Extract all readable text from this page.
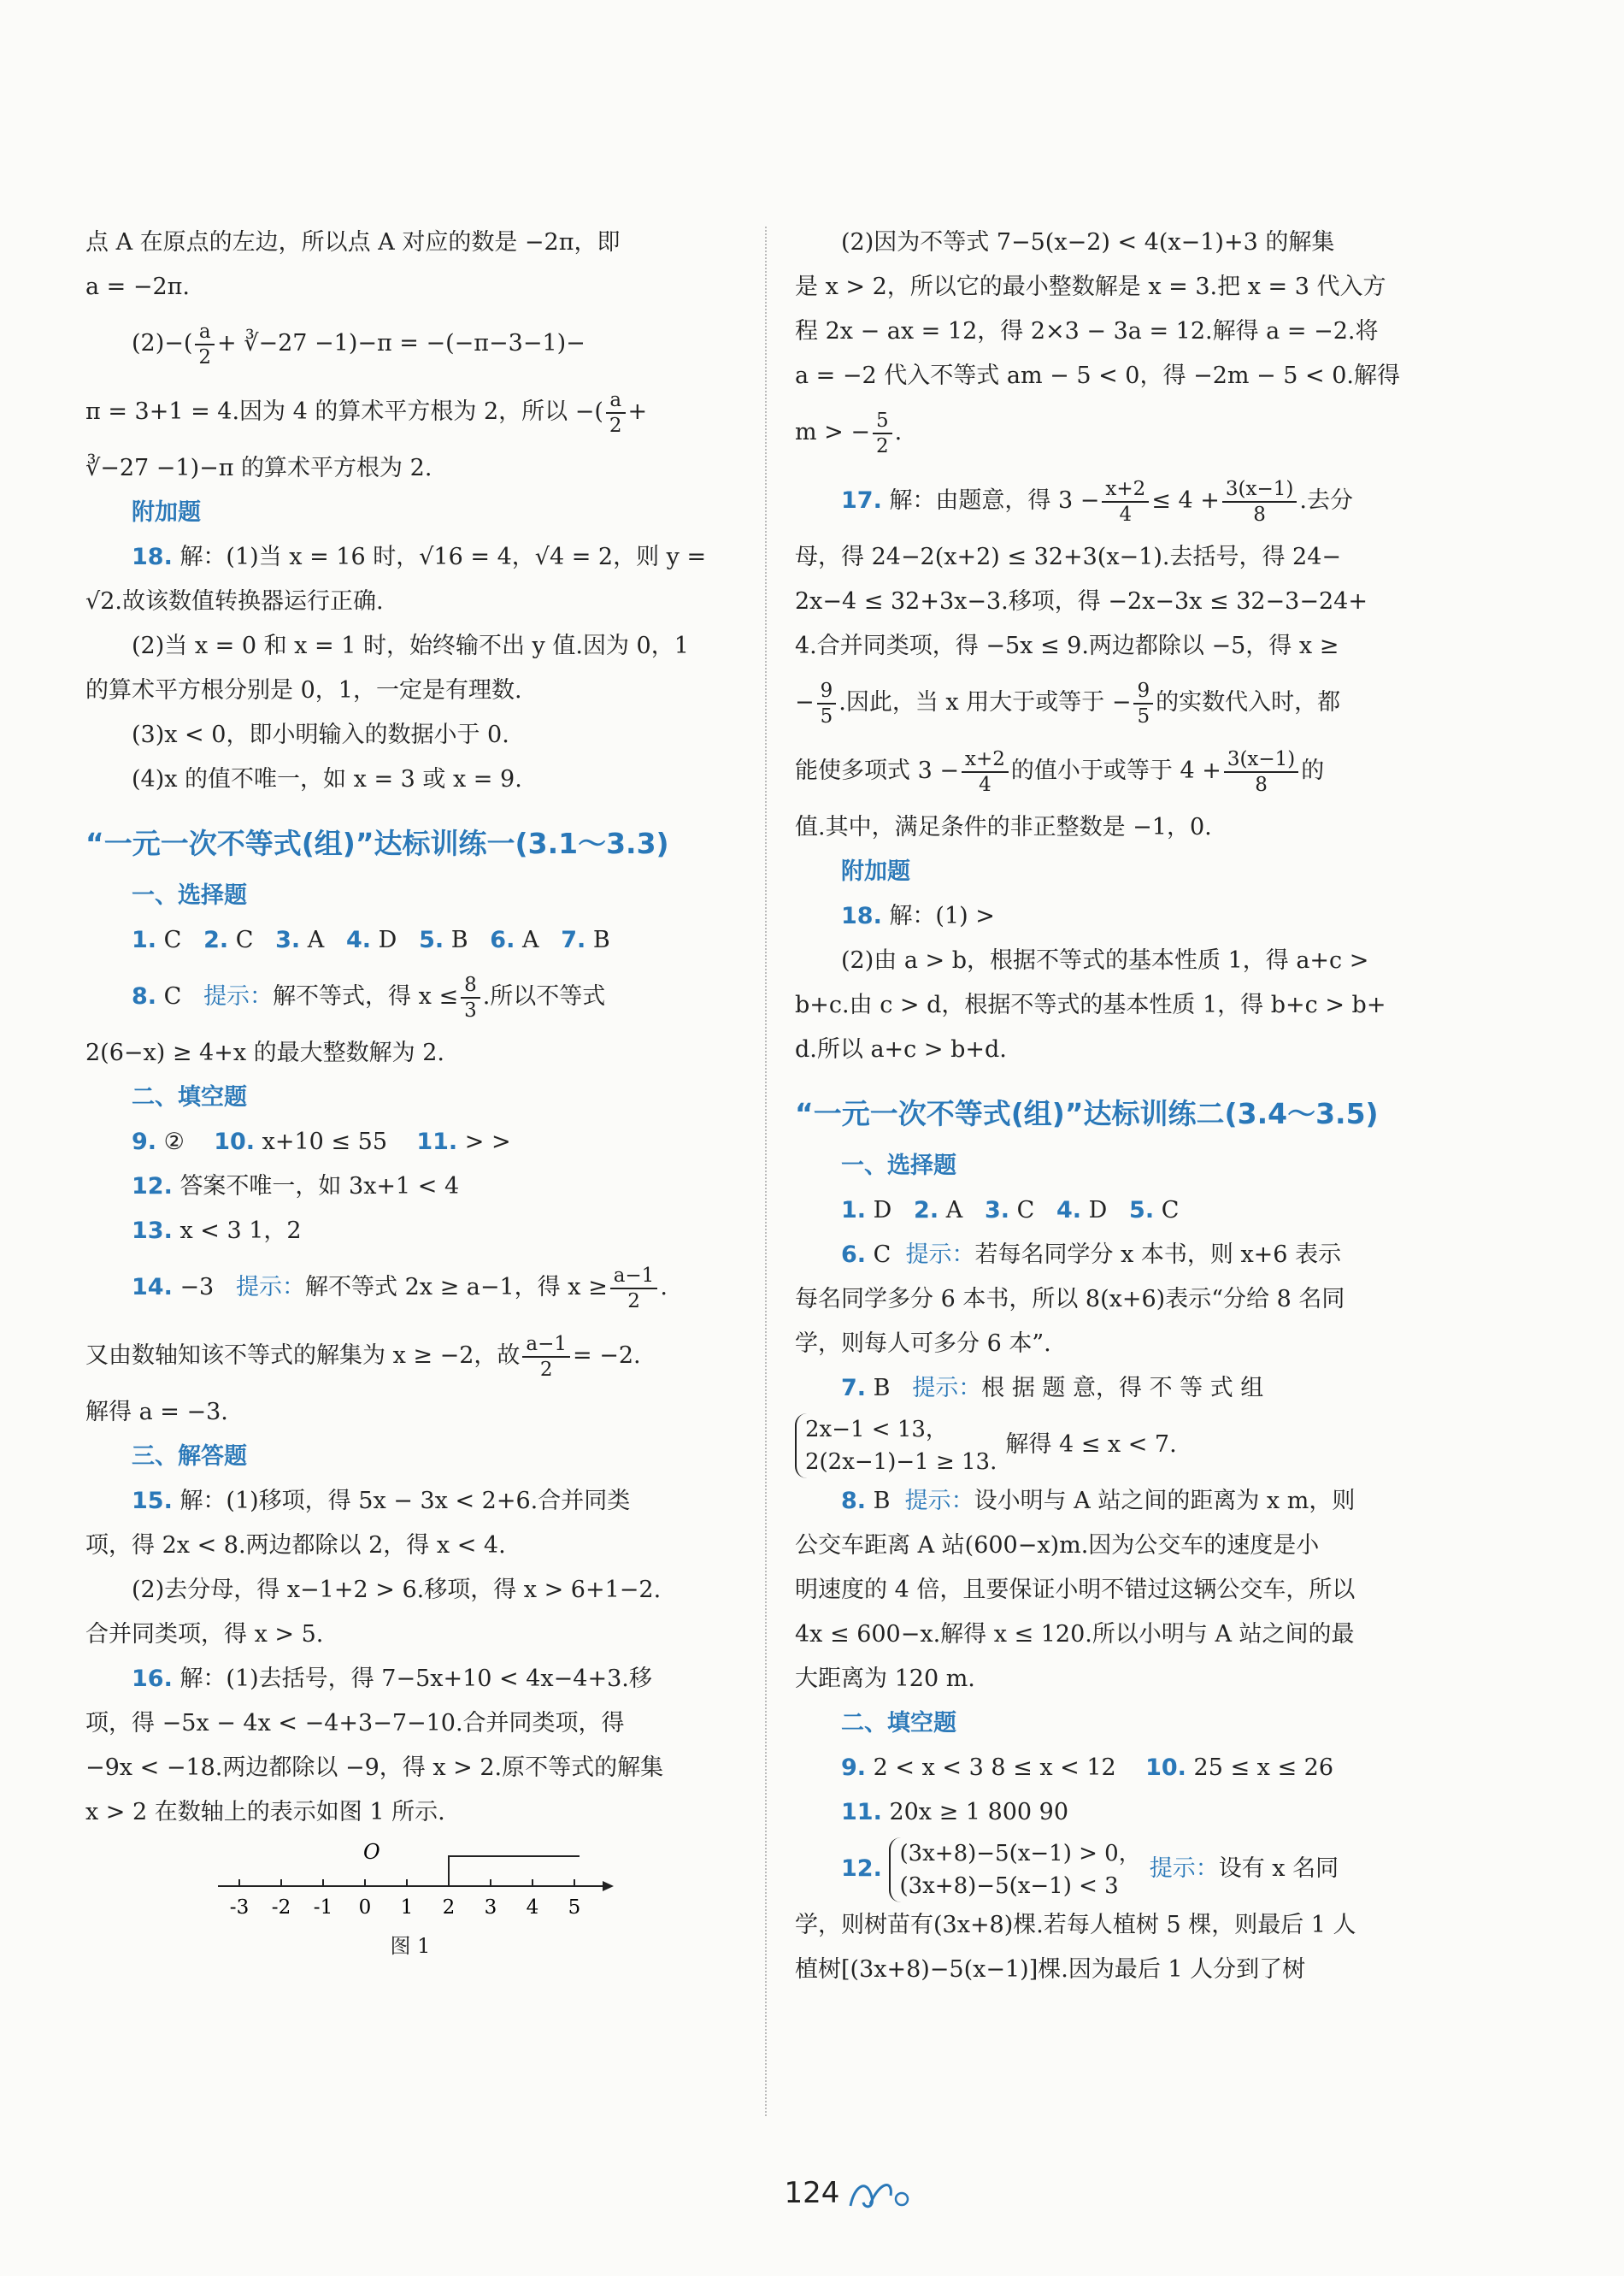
点 A 在原点的左边，所以点 A 对应的数是 −2π，即

a = −2π.

$(2)-( \frac{a}{2}$ + ∛−27 −1)−π = −(−π−3−1)−

π = 3+1 = 4.因为 4 的算术平方根为 2，所以 −( $\frac{a}{2}$ +

∛−27 −1)−π 的算术平方根为 2.

附加题

18. 解：(1)当 x = 16 时，√16 = 4，√4 = 2，则 y =

√2.故该数值转换器运行正确.

(2)当 x = 0 和 x = 1 时，始终输不出 y 值.因为 0，1

的算术平方根分别是 0，1，一定是有理数.

(3)x < 0，即小明输入的数据小于 0.

(4)x 的值不唯一，如 x = 3 或 x = 9.

“一元一次不等式(组)”达标训练一(3.1～3.3)

一、选择题

1. C 2. C 3. A 4. D 5. B 6. A 7. B

8. C 提示：解不等式，得 $x \le \frac{8}{3}$ .所以不等式

2(6−x) ≥ 4+x 的最大整数解为 2.

二、填空题

9. ② 10. x+10 ≤ 55 11. > >

12. 答案不唯一，如 3x+1 < 4

13. x < 3 1，2

14. −3 提示：解不等式 2x ≥ a−1，得 $x \ge \frac{a-1}{2}$ .

又由数轴知该不等式的解集为 x ≥ −2，故 $\frac{a-1}{2} = -2$.

解得 a = −3.

三、解答题

15. 解：(1)移项，得 5x − 3x < 2+6.合并同类

项，得 2x < 8.两边都除以 2，得 x < 4.

(2)去分母，得 x−1+2 > 6.移项，得 x > 6+1−2.

合并同类项，得 x > 5.

16. 解：(1)去括号，得 7−5x+10 < 4x−4+3.移

项，得 −5x − 4x < −4+3−7−10.合并同类项，得

−9x < −18.两边都除以 −9，得 x > 2.原不等式的解集

x > 2 在数轴上的表示如图 1 所示.

O
-3 -2 -1 0 1 2 3 4 5

图 1

(2)因为不等式 7−5(x−2) < 4(x−1)+3 的解集

是 x > 2，所以它的最小整数解是 x = 3.把 x = 3 代入方

程 2x − ax = 12，得 2×3 − 3a = 12.解得 a = −2.将

a = −2 代入不等式 am − 5 < 0，得 −2m − 5 < 0.解得

m > − $\frac{5}{2}$ .

17. 解：由题意，得 $3 - \frac{x+2}{4} \le 4 + \frac{3(x-1)}{8}$ .去分

母，得 24−2(x+2) ≤ 32+3(x−1).去括号，得 24−

2x−4 ≤ 32+3x−3.移项，得 −2x−3x ≤ 32−3−24+

4.合并同类项，得 −5x ≤ 9.两边都除以 −5，得 x ≥

− $\frac{9}{5}$ .因此，当 x 用大于或等于 − $\frac{9}{5}$ 的实数代入时，都

能使多项式 $3 - \frac{x+2}{4}$ 的值小于或等于 $4 + \frac{3(x-1)}{8}$ 的

值.其中，满足条件的非正整数是 −1，0.

附加题

18. 解：(1) >

(2)由 a > b，根据不等式的基本性质 1，得 a+c >

b+c.由 c > d，根据不等式的基本性质 1，得 b+c > b+

d.所以 a+c > b+d.

“一元一次不等式(组)”达标训练二(3.4～3.5)

一、选择题

1. D 2. A 3. C 4. D 5. C

6. C 提示：若每名同学分 x 本书，则 x+6 表示

每名同学多分 6 本书，所以 8(x+6)表示“分给 8 名同

学，则每人可多分 6 本”.

7. B 提示：根 据 题 意，得 不 等 式 组

2x−1 < 13，
2(2x−1)−1 ≥ 13.
解得 4 ≤ x < 7.

8. B 提示：设小明与 A 站之间的距离为 x m，则

公交车距离 A 站(600−x)m.因为公交车的速度是小

明速度的 4 倍，且要保证小明不错过这辆公交车，所以

4x ≤ 600−x.解得 x ≤ 120.所以小明与 A 站之间的最

大距离为 120 m.

二、填空题

9. 2 < x < 3 8 ≤ x < 12 10. 25 ≤ x ≤ 26

11. 20x ≥ 1 800 90

12.
(3x+8)−5(x−1) > 0，
(3x+8)−5(x−1) < 3
提示：设有 x 名同

学，则树苗有(3x+8)棵.若每人植树 5 棵，则最后 1 人

植树[(3x+8)−5(x−1)]棵.因为最后 1 人分到了树

124
